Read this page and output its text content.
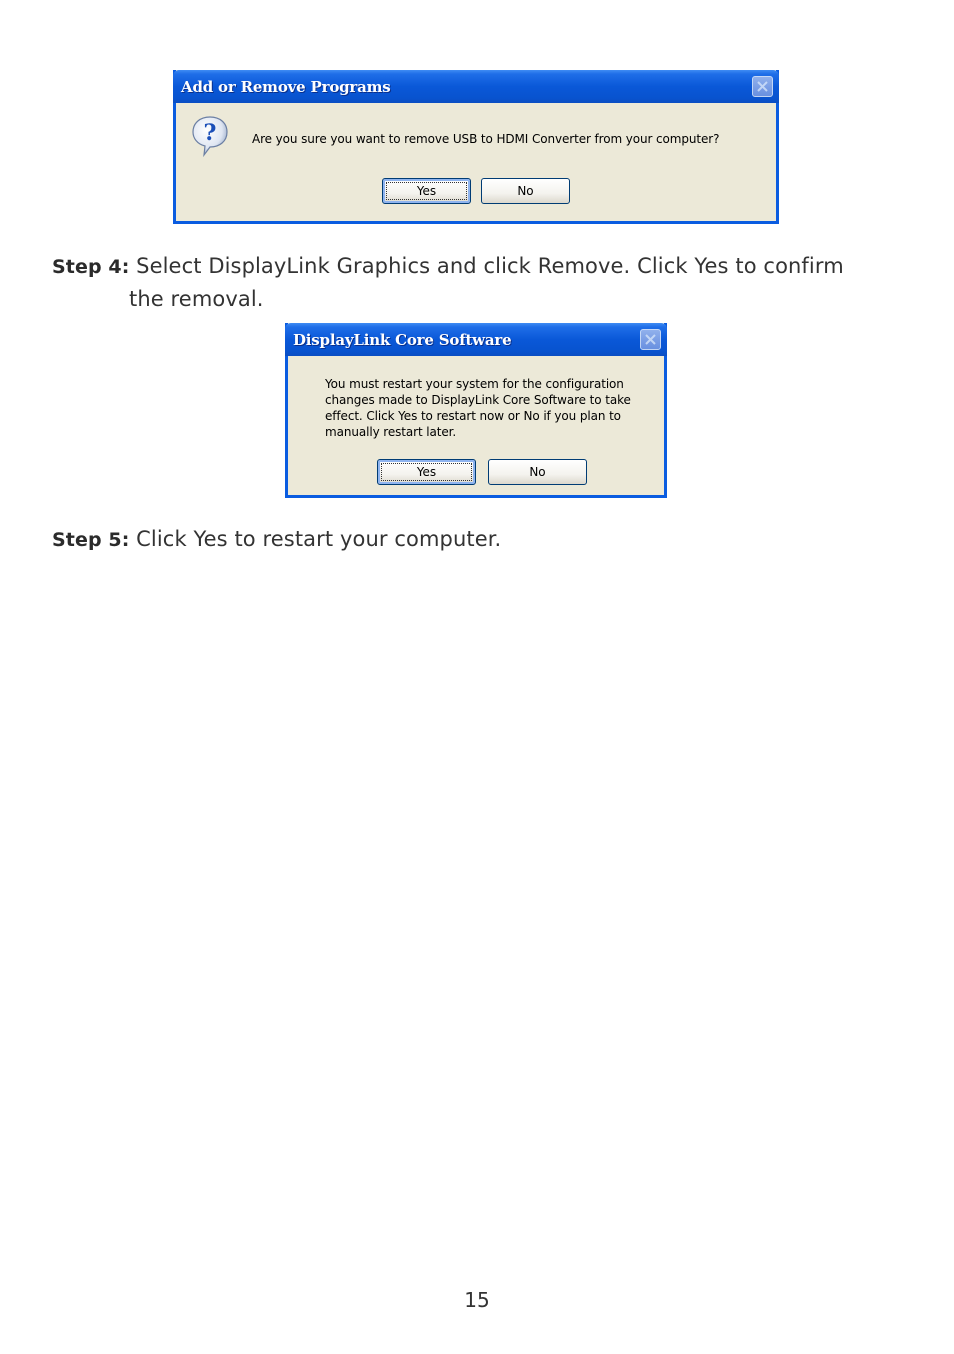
Add or Remove Programs
?	Are you sure you want to remove USB to HDMI Converter from your computer?
Yes	No
Step 4: Select DisplayLink Graphics and click Remove. Click Yes to confirm
the removal.
DisplayLink Core Software
You must restart your system for the configuration
changes made to DisplayLink Core Software to take
effect. Click Yes to restart now or No if you plan to
manually restart later.
Yes	No
Step 5: Click Yes to restart your computer.
15
